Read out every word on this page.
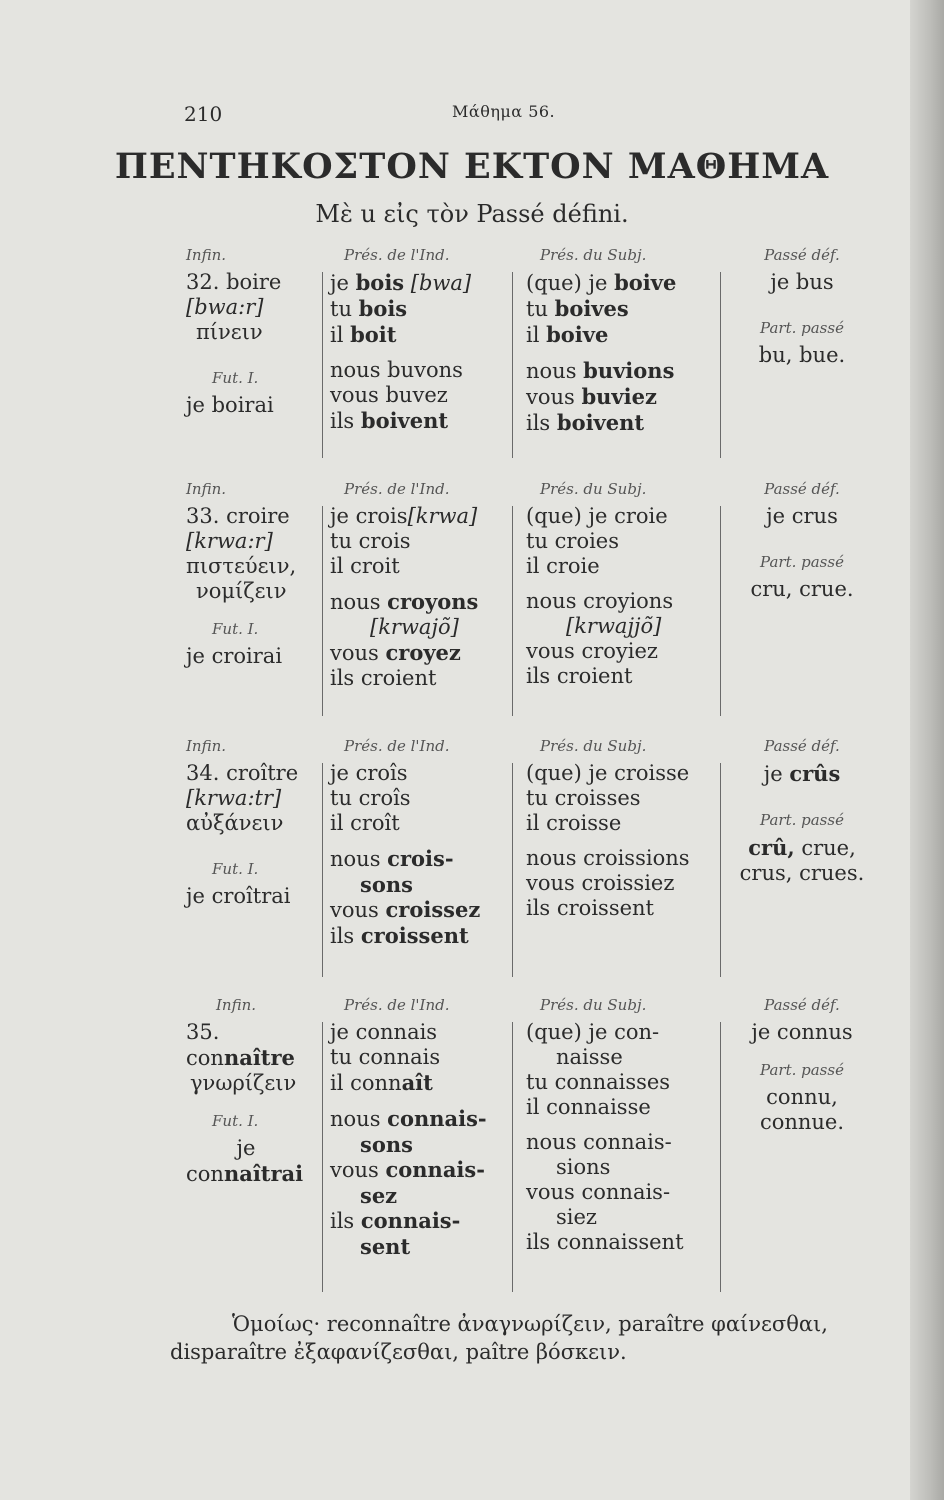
210	Μάθημα 56.
ΠΕΝΤΗΚΟΣΤΟΝ ΕΚΤΟΝ ΜΑΘΗΜΑ
Μὲ u εἰς τὸν Passé défini.
Infin.
32. boire
[bwa:r]
πίνειν
Fut. I.
je boirai
Prés. de l'Ind.
je bois [bwa]
tu bois
il boit
nous buvons
vous buvez
ils boivent
Prés. du Subj.
(que) je boive
tu boives
il boive
nous buvions
vous buviez
ils boivent
Passé déf.
je bus
Part. passé
bu, bue.
Infin.
33. croire
[krwa:r]
πιστεύειν,
νομίζειν
Fut. I.
je croirai
Prés. de l'Ind.
je crois[krwa]
tu crois
il croit
nous croyons
[krwajõ]
vous croyez
ils croient
Prés. du Subj.
(que) je croie
tu croies
il croie
nous croyions
[krwajjõ]
vous croyiez
ils croient
Passé déf.
je crus
Part. passé
cru, crue.
Infin.
34. croître
[krwa:tr]
αὐξάνειν
Fut. I.
je croîtrai
Prés. de l'Ind.
je croîs
tu croîs
il croît
nous crois-
sons
vous croissez
ils croissent
Prés. du Subj.
(que) je croisse
tu croisses
il croisse
nous croissions
vous croissiez
ils croissent
Passé déf.
je crûs
Part. passé
crû, crue,
crus, crues.
Infin.
35.
connaître
γνωρίζειν
Fut. I.
je
connaîtrai
Prés. de l'Ind.
je connais
tu connais
il connaît
nous connais-
sons
vous connais-
sez
ils connais-
sent
Prés. du Subj.
(que) je con-
naisse
tu connaisses
il connaisse
nous connais-
sions
vous connais-
siez
ils connaissent
Passé déf.
je connus
Part. passé
connu,
connue.
Ὁμοίως· reconnaître ἀναγνωρίζειν, paraître φαίνεσθαι,
disparaître ἐξαφανίζεσθαι, paître βόσκειν.
